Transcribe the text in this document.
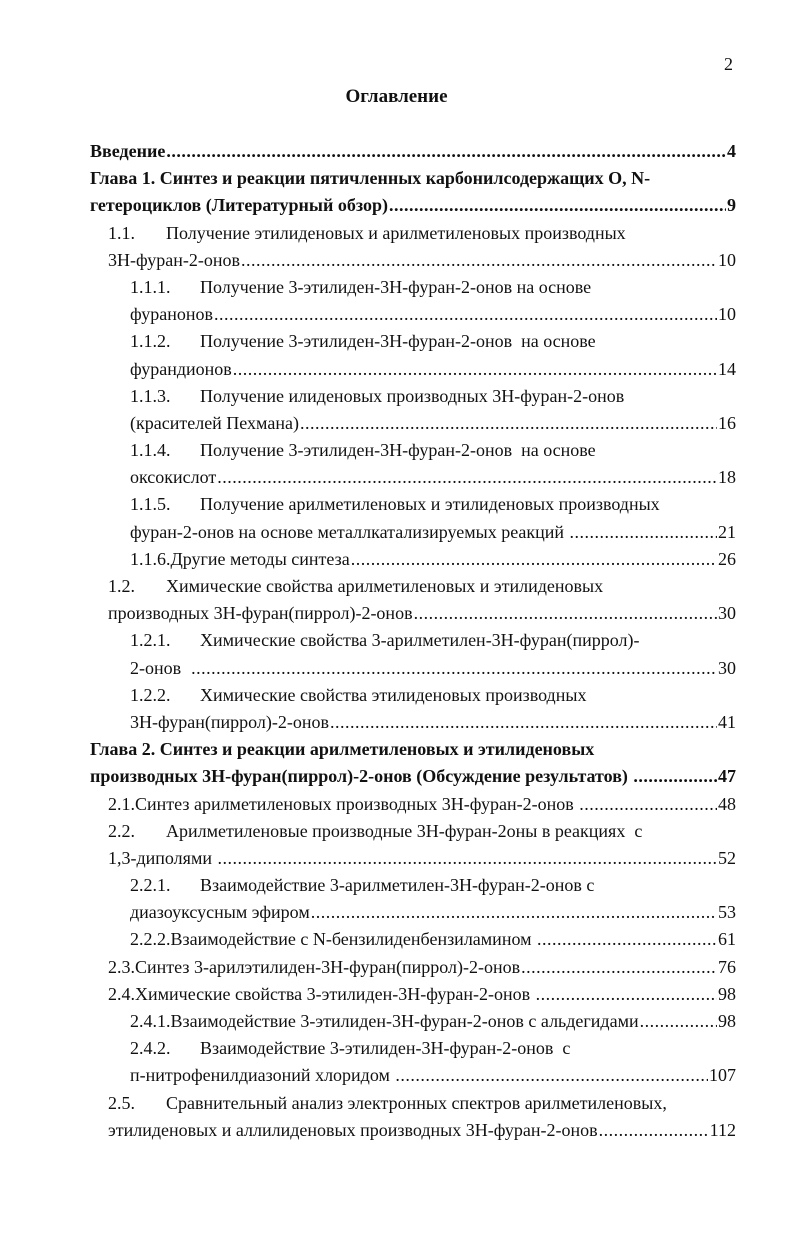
2
Оглавление
Введение .....	4
Глава 1. Синтез и реакции пятичленных карбонилсодержащих О, N-
гетероциклов (Литературный обзор) .....	9
1.1. Получение этилиденовых и арилметиленовых производных
3Н-фуран-2-онов .....	10
1.1.1. Получение 3-этилиден-3Н-фуран-2-онов на основе
фуранонов .....	10
1.1.2. Получение 3-этилиден-3Н-фуран-2-онов  на основе
фурандионов .....	14
1.1.3. Получение илиденовых производных 3Н-фуран-2-онов
(красителей Пехмана) .....	16
1.1.4. Получение 3-этилиден-3Н-фуран-2-онов  на основе
оксокислот .....	18
1.1.5. Получение арилметиленовых и этилиденовых производных
фуран-2-онов на основе металлкатализируемых реакций .....	21
1.1.6. Другие методы синтеза .....	26
1.2. Химические свойства арилметиленовых и этилиденовых
производных 3Н-фуран(пиррол)-2-онов .....	30
1.2.1. Химические свойства 3-арилметилен-3Н-фуран(пиррол)-
2-онов .....	30
1.2.2. Химические свойства этилиденовых производных
3Н-фуран(пиррол)-2-онов .....	41
Глава 2. Синтез и реакции арилметиленовых и этилиденовых
производных 3Н-фуран(пиррол)-2-онов (Обсуждение результатов) .....	47
2.1. Синтез арилметиленовых производных 3Н-фуран-2-онов .....	48
2.2. Арилметиленовые производные 3Н-фуран-2оны в реакциях  с
1,3-диполями .....	52
2.2.1. Взаимодействие 3-арилметилен-3Н-фуран-2-онов с
диазоуксусным эфиром .....	53
2.2.2. Взаимодействие с N-бензилиденбензиламином .....	61
2.3. Синтез 3-арилэтилиден-3Н-фуран(пиррол)-2-онов .....	76
2.4. Химические свойства 3-этилиден-3Н-фуран-2-онов .....	98
2.4.1. Взаимодействие 3-этилиден-3Н-фуран-2-онов с альдегидами .....	98
2.4.2. Взаимодействие 3-этилиден-3Н-фуран-2-онов  с
п-нитрофенилдиазоний хлоридом .....	107
2.5. Сравнительный анализ электронных спектров арилметиленовых,
этилиденовых и аллилиденовых производных 3Н-фуран-2-онов .....	112
